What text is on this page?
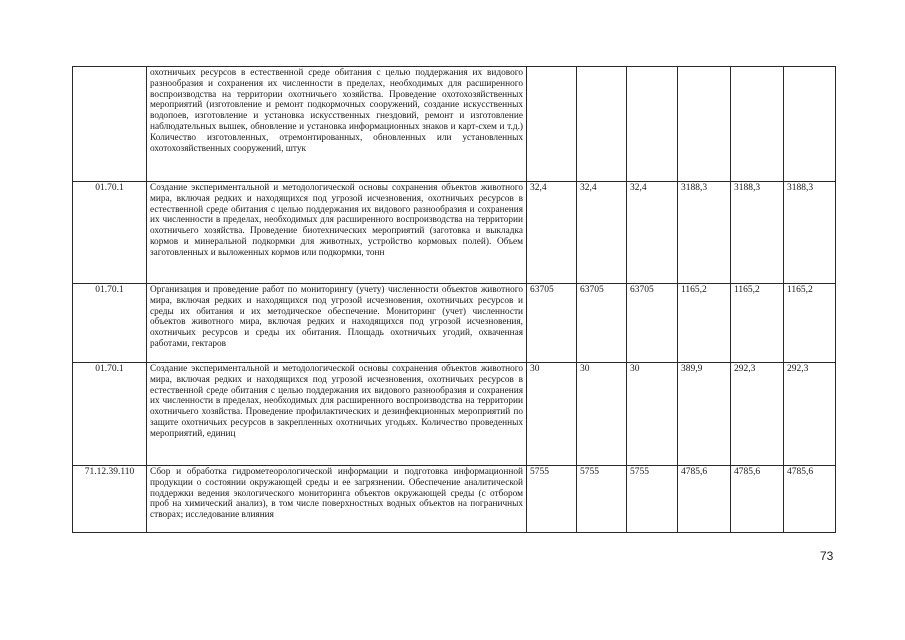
	охотничьих ресурсов в естественной среде обитания с целью поддержания их видового разнообразия и сохранения их численности в пределах, необходимых для расширенного воспроизводства на территории охотничьего хозяйства. Проведение охотохозяйственных мероприятий (изготовление и ремонт подкормочных сооружений, создание искусственных водопоев, изготовление и установка искусственных гнездовий, ремонт и изготовление наблюдательных вышек, обновление и установка информационных знаков и карт-схем и т.д.) Количество изготовленных, отремонтированных, обновленных или установленных охотохозяйственных сооружений, штук						
01.70.1	Создание экспериментальной и методологической основы сохранения объектов животного мира, включая редких и находящихся под угрозой исчезновения, охотничьих ресурсов в естественной среде обитания с целью поддержания их видового разнообразия и сохранения их численности в пределах, необходимых для расширенного воспроизводства на территории охотничьего хозяйства. Проведение биотехнических мероприятий (заготовка и выкладка кормов и минеральной подкормки для животных, устройство кормовых полей). Объем заготовленных и выложенных кормов или подкормки, тонн	32,4	32,4	32,4	3188,3	3188,3	3188,3
01.70.1	Организация и проведение работ по мониторингу (учету) численности объектов животного мира, включая редких и находящихся под угрозой исчезновения, охотничьих ресурсов и среды их обитания и их методическое обеспечение. Мониторинг (учет) численности объектов животного мира, включая редких и находящихся под угрозой исчезновения, охотничьих ресурсов и среды их обитания. Площадь охотничьих угодий, охваченная работами, гектаров	63705	63705	63705	1165,2	1165,2	1165,2
01.70.1	Создание экспериментальной и методологической основы сохранения объектов животного мира, включая редких и находящихся под угрозой исчезновения, охотничьих ресурсов в естественной среде обитания с целью поддержания их видового разнообразия и сохранения их численности в пределах, необходимых для расширенного воспроизводства на территории охотничьего хозяйства. Проведение профилактических и дезинфекционных мероприятий по защите охотничьих ресурсов в закрепленных охотничьих угодьях. Количество проведенных мероприятий, единиц	30	30	30	389,9	292,3	292,3
71.12.39.110	Сбор и обработка гидрометеорологической информации и подготовка информационной продукции о состоянии окружающей среды и ее загрязнении. Обеспечение аналитической поддержки ведения экологического мониторинга объектов окружающей среды (с отбором проб на химический анализ), в том числе поверхностных водных объектов на пограничных створах; исследование влияния	5755	5755	5755	4785,6	4785,6	4785,6
73
